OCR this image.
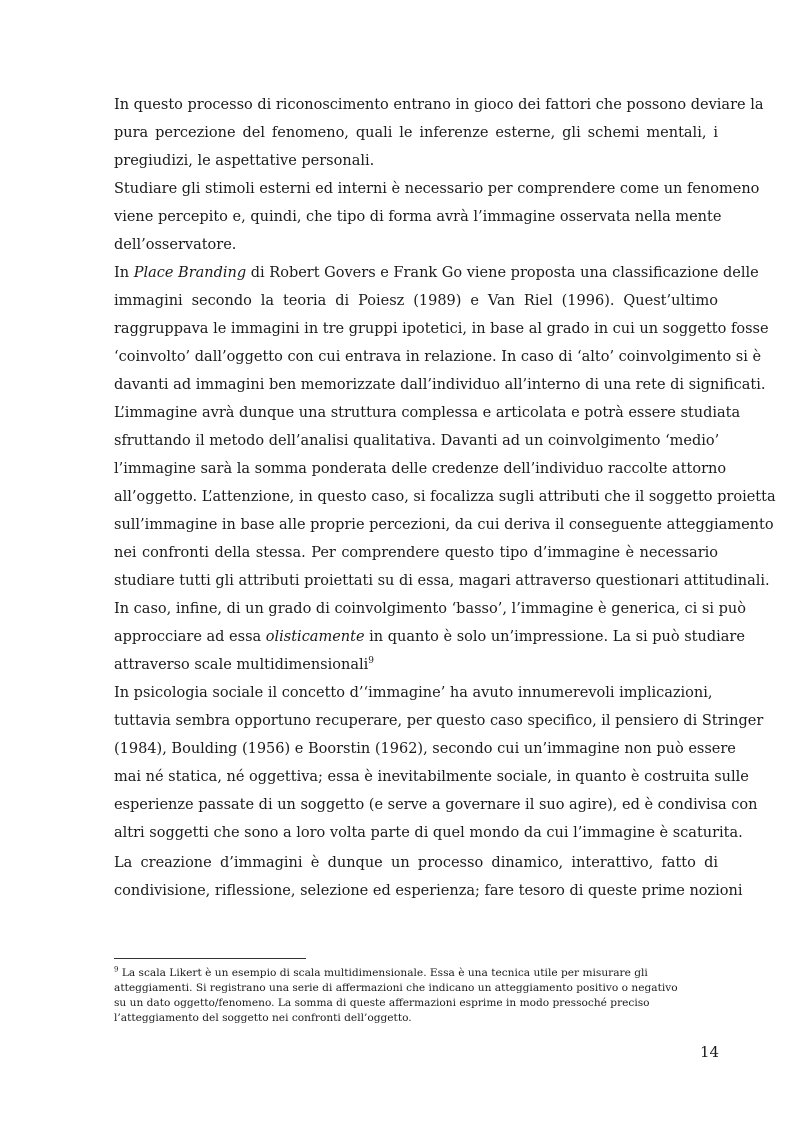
In questo processo di riconoscimento entrano in gioco dei fattori che possono deviare la
pura percezione del fenomeno, quali le inferenze esterne, gli schemi mentali, i
pregiudizi, le aspettative personali.
Studiare gli stimoli esterni ed interni è necessario per comprendere come un fenomeno
viene percepito e, quindi, che tipo di forma avrà l’immagine osservata nella mente
dell’osservatore.
In Place Branding di Robert Govers e Frank Go viene proposta una classificazione delle
immagini secondo la teoria di Poiesz (1989) e Van Riel (1996). Quest’ultimo
raggruppava le immagini in tre gruppi ipotetici, in base al grado in cui un soggetto fosse
‘coinvolto’ dall’oggetto con cui entrava in relazione. In caso di ‘alto’ coinvolgimento si è
davanti ad immagini ben memorizzate dall’individuo all’interno di una rete di significati.
L’immagine avrà dunque una struttura complessa e articolata e potrà essere studiata
sfruttando il metodo dell’analisi qualitativa. Davanti ad un coinvolgimento ‘medio’
l’immagine sarà la somma ponderata delle credenze dell’individuo raccolte attorno
all’oggetto. L’attenzione, in questo caso, si focalizza sugli attributi che il soggetto proietta
sull’immagine in base alle proprie percezioni, da cui deriva il conseguente atteggiamento
nei confronti della stessa. Per comprendere questo tipo d’immagine è necessario
studiare tutti gli attributi proiettati su di essa, magari attraverso questionari attitudinali.
In caso, infine, di un grado di coinvolgimento ‘basso’, l’immagine è generica, ci si può
approcciare ad essa olisticamente in quanto è solo un’impressione. La si può studiare
attraverso scale multidimensionali$^9$
In psicologia sociale il concetto d’‘immagine’ ha avuto innumerevoli implicazioni,
tuttavia sembra opportuno recuperare, per questo caso specifico, il pensiero di Stringer
(1984), Boulding (1956) e Boorstin (1962), secondo cui un’immagine non può essere
mai né statica, né oggettiva; essa è inevitabilmente sociale, in quanto è costruita sulle
esperienze passate di un soggetto (e serve a governare il suo agire), ed è condivisa con
altri soggetti che sono a loro volta parte di quel mondo da cui l’immagine è scaturita.
La creazione d’immagini è dunque un processo dinamico, interattivo, fatto di
condivisione, riflessione, selezione ed esperienza; fare tesoro di queste prime nozioni
$^9$ La scala Likert è un esempio di scala multidimensionale. Essa è una tecnica utile per misurare gli
atteggiamenti. Si registrano una serie di affermazioni che indicano un atteggiamento positivo o negativo
su un dato oggetto/fenomeno. La somma di queste affermazioni esprime in modo pressoché preciso
l’atteggiamento del soggetto nei confronti dell’oggetto.
14
